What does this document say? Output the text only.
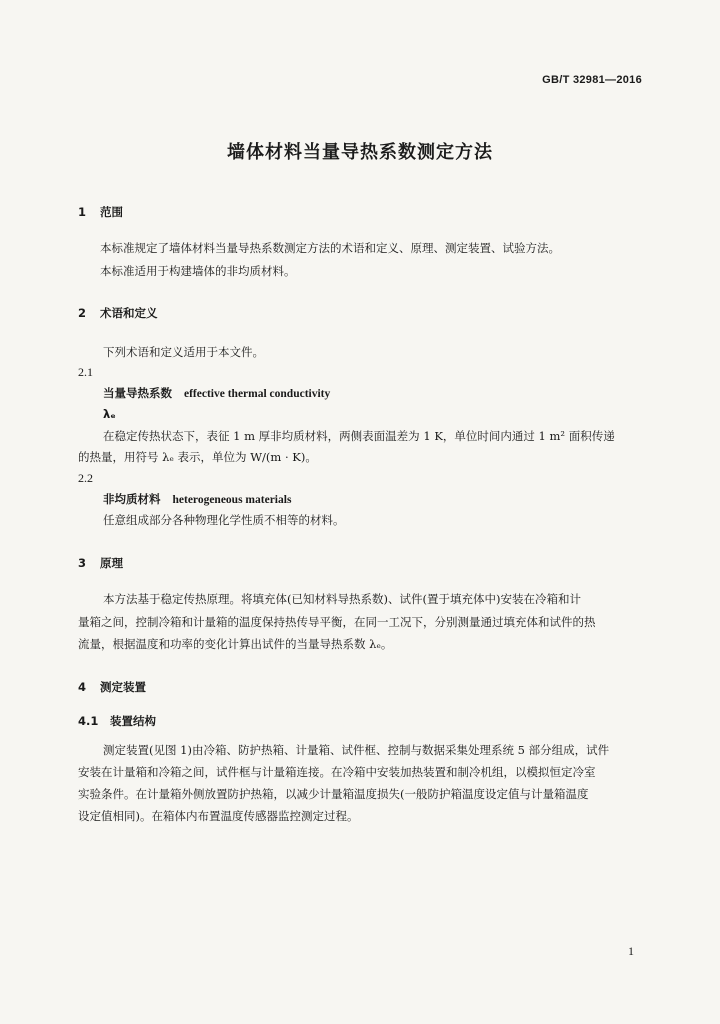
GB/T 32981—2016
墙体材料当量导热系数测定方法
1 范围
本标准规定了墙体材料当量导热系数测定方法的术语和定义、原理、测定装置、试验方法。
本标准适用于构建墙体的非均质材料。
2 术语和定义
下列术语和定义适用于本文件。
2.1
当量导热系数 effective thermal conductivity
λₑ
在稳定传热状态下，表征 1 m 厚非均质材料，两侧表面温差为 1 K，单位时间内通过 1 m² 面积传递
的热量，用符号 λₑ 表示，单位为 W/(m · K)。
2.2
非均质材料 heterogeneous materials
任意组成部分各种物理化学性质不相等的材料。
3 原理
本方法基于稳定传热原理。将填充体(已知材料导热系数)、试件(置于填充体中)安装在冷箱和计
量箱之间，控制冷箱和计量箱的温度保持热传导平衡，在同一工况下，分别测量通过填充体和试件的热
流量，根据温度和功率的变化计算出试件的当量导热系数 λₑ。
4 测定装置
4.1 装置结构
测定装置(见图 1)由冷箱、防护热箱、计量箱、试件框、控制与数据采集处理系统 5 部分组成，试件
安装在计量箱和冷箱之间，试件框与计量箱连接。在冷箱中安装加热装置和制冷机组，以模拟恒定冷室
实验条件。在计量箱外侧放置防护热箱，以减少计量箱温度损失(一般防护箱温度设定值与计量箱温度
设定值相同)。在箱体内布置温度传感器监控测定过程。
1
